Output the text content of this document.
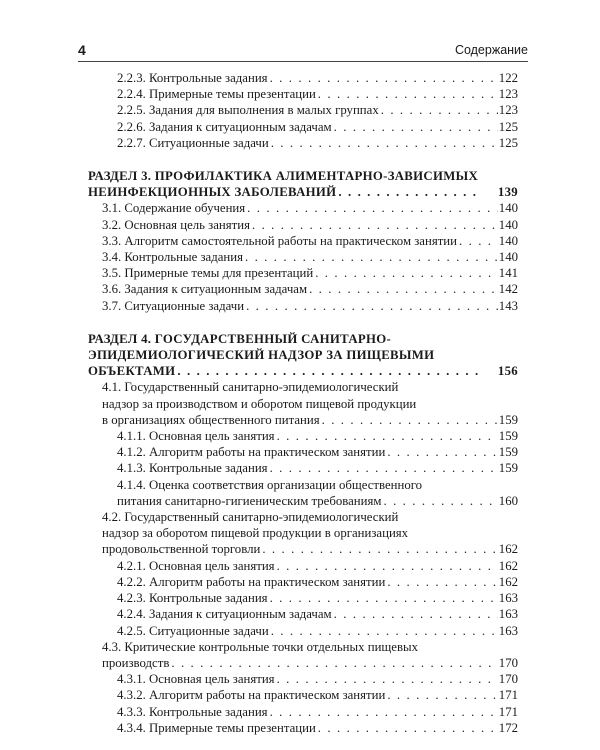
4	Содержание
2.2.3. Контрольные задания . . .	122
2.2.4. Примерные темы презентации . . .	123
2.2.5. Задания для выполнения в малых группах . . .	123
2.2.6. Задания к ситуационным задачам . . .	125
2.2.7. Ситуационные задачи . . .	125
РАЗДЕЛ 3. ПРОФИЛАКТИКА АЛИМЕНТАРНО-ЗАВИСИМЫХ
НЕИНФЕКЦИОННЫХ ЗАБОЛЕВАНИЙ . . .	139
3.1. Содержание обучения . . .	140
3.2. Основная цель занятия . . .	140
3.3. Алгоритм самостоятельной работы на практическом занятии . . .	140
3.4. Контрольные задания . . .	140
3.5. Примерные темы для презентаций . . .	141
3.6. Задания к ситуационным задачам . . .	142
3.7. Ситуационные задачи . . .	143
РАЗДЕЛ 4. ГОСУДАРСТВЕННЫЙ САНИТАРНО-
ЭПИДЕМИОЛОГИЧЕСКИЙ НАДЗОР ЗА ПИЩЕВЫМИ
ОБЪЕКТАМИ . . .	156
4.1. Государственный санитарно-эпидемиологический
надзор за производством и оборотом пищевой продукции
в организациях общественного питания . . .	159
4.1.1. Основная цель занятия . . .	159
4.1.2. Алгоритм работы на практическом занятии . . .	159
4.1.3. Контрольные задания . . .	159
4.1.4. Оценка соответствия организации общественного
питания санитарно-гигиеническим требованиям . . .	160
4.2. Государственный санитарно-эпидемиологический
надзор за оборотом пищевой продукции в организациях
продовольственной торговли . . .	162
4.2.1. Основная цель занятия . . .	162
4.2.2. Алгоритм работы на практическом занятии . . .	162
4.2.3. Контрольные задания . . .	163
4.2.4. Задания к ситуационным задачам . . .	163
4.2.5. Ситуационные задачи . . .	163
4.3. Критические контрольные точки отдельных пищевых
производств . . .	170
4.3.1. Основная цель занятия . . .	170
4.3.2. Алгоритм работы на практическом занятии . . .	171
4.3.3. Контрольные задания . . .	171
4.3.4. Примерные темы презентации . . .	172
